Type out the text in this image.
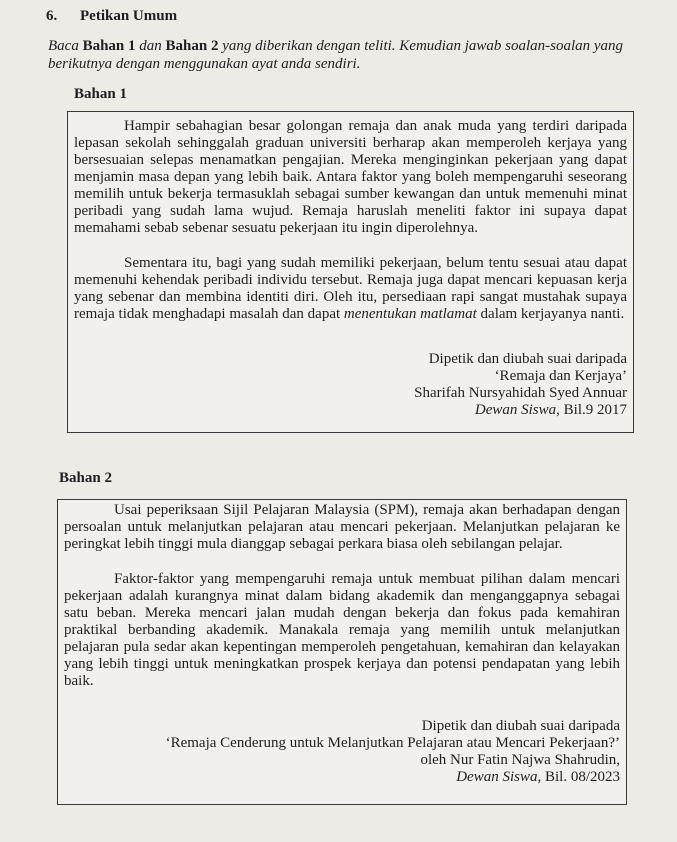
6. Petikan Umum

Baca Bahan 1 dan Bahan 2 yang diberikan dengan teliti. Kemudian jawab soalan-soalan yang berikutnya dengan menggunakan ayat anda sendiri.

Bahan 1

Hampir sebahagian besar golongan remaja dan anak muda yang terdiri daripada lepasan sekolah sehinggalah graduan universiti berharap akan memperoleh kerjaya yang bersesuaian selepas menamatkan pengajian. Mereka menginginkan pekerjaan yang dapat menjamin masa depan yang lebih baik. Antara faktor yang boleh mempengaruhi seseorang memilih untuk bekerja termasuklah sebagai sumber kewangan dan untuk memenuhi minat peribadi yang sudah lama wujud. Remaja haruslah meneliti faktor ini supaya dapat memahami sebab sebenar sesuatu pekerjaan itu ingin diperolehnya.

Sementara itu, bagi yang sudah memiliki pekerjaan, belum tentu sesuai atau dapat memenuhi kehendak peribadi individu tersebut. Remaja juga dapat mencari kepuasan kerja yang sebenar dan membina identiti diri. Oleh itu, persediaan rapi sangat mustahak supaya remaja tidak menghadapi masalah dan dapat menentukan matlamat dalam kerjayanya nanti.

Dipetik dan diubah suai daripada

‘Remaja dan Kerjaya’

Sharifah Nursyahidah Syed Annuar

Dewan Siswa, Bil.9 2017

Bahan 2

Usai peperiksaan Sijil Pelajaran Malaysia (SPM), remaja akan berhadapan dengan persoalan untuk melanjutkan pelajaran atau mencari pekerjaan. Melanjutkan pelajaran ke peringkat lebih tinggi mula dianggap sebagai perkara biasa oleh sebilangan pelajar.

Faktor-faktor yang mempengaruhi remaja untuk membuat pilihan dalam mencari pekerjaan adalah kurangnya minat dalam bidang akademik dan menganggapnya sebagai satu beban. Mereka mencari jalan mudah dengan bekerja dan fokus pada kemahiran praktikal berbanding akademik. Manakala remaja yang memilih untuk melanjutkan pelajaran pula sedar akan kepentingan memperoleh pengetahuan, kemahiran dan kelayakan yang lebih tinggi untuk meningkatkan prospek kerjaya dan potensi pendapatan yang lebih baik.

Dipetik dan diubah suai daripada

‘Remaja Cenderung untuk Melanjutkan Pelajaran atau Mencari Pekerjaan?’

oleh Nur Fatin Najwa Shahrudin,

Dewan Siswa, Bil. 08/2023
